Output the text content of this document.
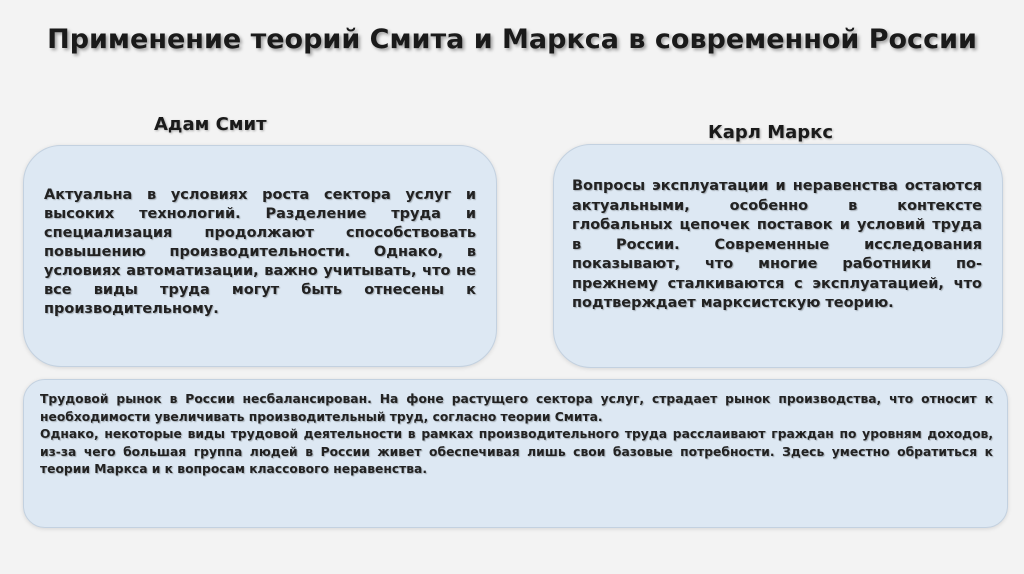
Применение теорий Смита и Маркса в современной России
Адам Смит	Карл Маркс

Актуальна в условиях роста сектора услуг и высоких технологий. Разделение труда и специализация продолжают способствовать повышению производительности. Однако, в условиях автоматизации, важно учитывать, что не все виды труда могут быть отнесены к производительному.

Вопросы эксплуатации и неравенства остаются актуальными, особенно в контексте глобальных цепочек поставок и условий труда в России. Современные исследования показывают, что многие работники по-прежнему сталкиваются с эксплуатацией, что подтверждает марксистскую теорию.

Трудовой рынок в России несбалансирован. На фоне растущего сектора услуг, страдает рынок производства, что относит к необходимости увеличивать производительный труд, согласно теории Смита.
Однако, некоторые виды трудовой деятельности в рамках производительного труда расслаивают граждан по уровням доходов, из-за чего большая группа людей в России живет обеспечивая лишь свои базовые потребности. Здесь уместно обратиться к теории Маркса и к вопросам классового неравенства.
